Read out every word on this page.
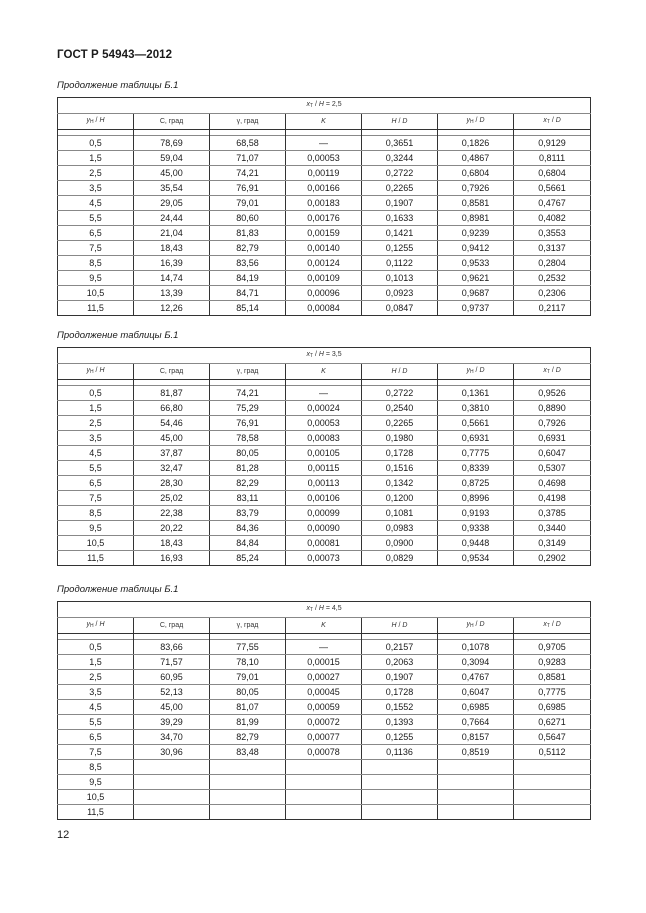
ГОСТ Р 54943—2012
Продолжение таблицы Б.1
$x_Т / H = 2,5$						
$y_Н$ / H	С, град	γ, град	K	H / D	$y_Н$ / D	$x_Т$ / D

0,5	78,69	68,58	—	0,3651	0,1826	0,9129
1,5	59,04	71,07	0,00053	0,3244	0,4867	0,8111
2,5	45,00	74,21	0,00119	0,2722	0,6804	0,6804
3,5	35,54	76,91	0,00166	0,2265	0,7926	0,5661
4,5	29,05	79,01	0,00183	0,1907	0,8581	0,4767
5,5	24,44	80,60	0,00176	0,1633	0,8981	0,4082
6,5	21,04	81,83	0,00159	0,1421	0,9239	0,3553
7,5	18,43	82,79	0,00140	0,1255	0,9412	0,3137
8,5	16,39	83,56	0,00124	0,1122	0,9533	0,2804
9,5	14,74	84,19	0,00109	0,1013	0,9621	0,2532
10,5	13,39	84,71	0,00096	0,0923	0,9687	0,2306
11,5	12,26	85,14	0,00084	0,0847	0,9737	0,2117
Продолжение таблицы Б.1
$x_Т / H = 3,5$						
$y_Н$ / H	С, град	γ, град	K	H / D	$y_Н$ / D	$x_Т$ / D

0,5	81,87	74,21	—	0,2722	0,1361	0,9526
1,5	66,80	75,29	0,00024	0,2540	0,3810	0,8890
2,5	54,46	76,91	0,00053	0,2265	0,5661	0,7926
3,5	45,00	78,58	0,00083	0,1980	0,6931	0,6931
4,5	37,87	80,05	0,00105	0,1728	0,7775	0,6047
5,5	32,47	81,28	0,00115	0,1516	0,8339	0,5307
6,5	28,30	82,29	0,00113	0,1342	0,8725	0,4698
7,5	25,02	83,11	0,00106	0,1200	0,8996	0,4198
8,5	22,38	83,79	0,00099	0,1081	0,9193	0,3785
9,5	20,22	84,36	0,00090	0,0983	0,9338	0,3440
10,5	18,43	84,84	0,00081	0,0900	0,9448	0,3149
11,5	16,93	85,24	0,00073	0,0829	0,9534	0,2902
Продолжение таблицы Б.1
$x_Т / H = 4,5$						
$y_Н$ / H	С, град	γ, град	K	H / D	$y_Н$ / D	$x_Т$ / D

0,5	83,66	77,55	—	0,2157	0,1078	0,9705
1,5	71,57	78,10	0,00015	0,2063	0,3094	0,9283
2,5	60,95	79,01	0,00027	0,1907	0,4767	0,8581
3,5	52,13	80,05	0,00045	0,1728	0,6047	0,7775
4,5	45,00	81,07	0,00059	0,1552	0,6985	0,6985
5,5	39,29	81,99	0,00072	0,1393	0,7664	0,6271
6,5	34,70	82,79	0,00077	0,1255	0,8157	0,5647
7,5	30,96	83,48	0,00078	0,1136	0,8519	0,5112
8,5						
9,5						
10,5						
11,5						
12
